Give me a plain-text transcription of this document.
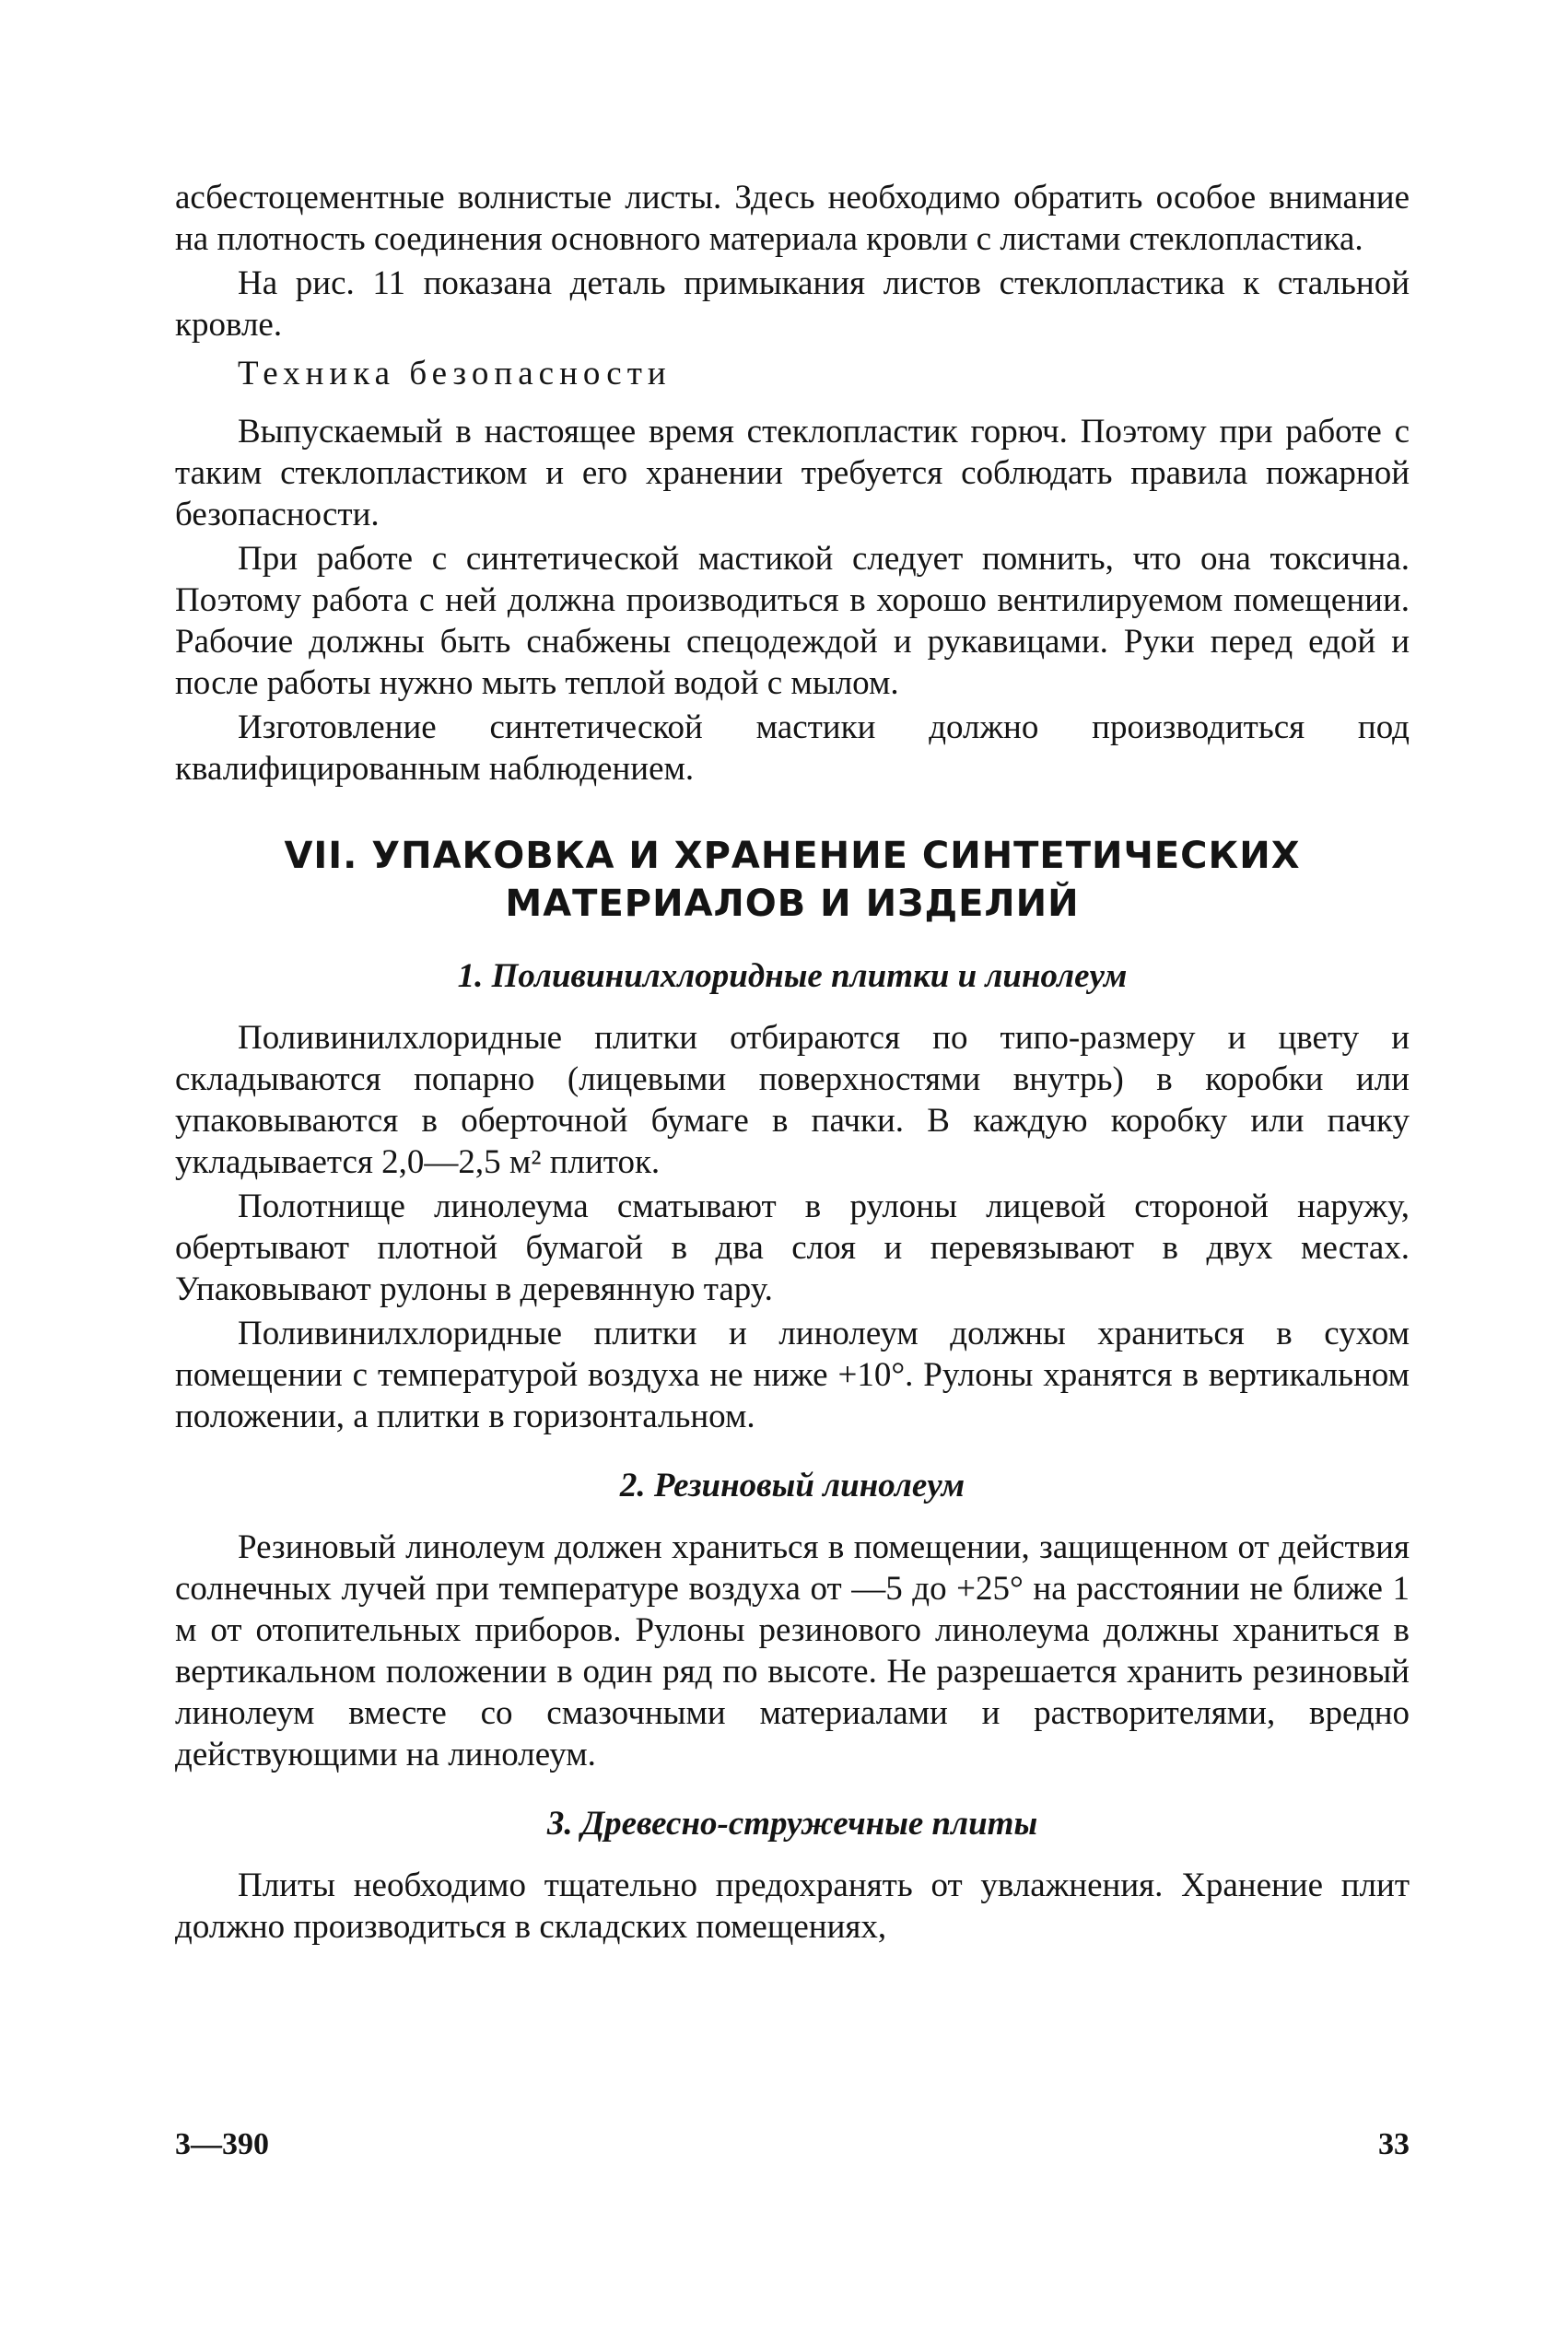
асбестоцементные волнистые листы. Здесь необходимо обратить особое внимание на плотность соединения основного материала кровли с листами стеклопластика.

На рис. 11 показана деталь примыкания листов стеклопластика к стальной кровле.

Техника безопасности

Выпускаемый в настоящее время стеклопластик горюч. Поэтому при работе с таким стеклопластиком и его хранении требуется соблюдать правила пожарной безопасности.

При работе с синтетической мастикой следует помнить, что она токсична. Поэтому работа с ней должна производиться в хорошо вентилируемом помещении. Рабочие должны быть снабжены спецодеждой и рукавицами. Руки перед едой и после работы нужно мыть теплой водой с мылом.

Изготовление синтетической мастики должно производиться под квалифицированным наблюдением.

VII. УПАКОВКА И ХРАНЕНИЕ СИНТЕТИЧЕСКИХ
МАТЕРИАЛОВ И ИЗДЕЛИЙ
1. Поливинилхлоридные плитки и линолеум

Поливинилхлоридные плитки отбираются по типо-размеру и цвету и складываются попарно (лицевыми поверхностями внутрь) в коробки или упаковываются в оберточной бумаге в пачки. В каждую коробку или пачку укладывается 2,0—2,5 м² плиток.

Полотнище линолеума сматывают в рулоны лицевой стороной наружу, обертывают плотной бумагой в два слоя и перевязывают в двух местах. Упаковывают рулоны в деревянную тару.

Поливинилхлоридные плитки и линолеум должны храниться в сухом помещении с температурой воздуха не ниже +10°. Рулоны хранятся в вертикальном положении, а плитки в горизонтальном.

2. Резиновый линолеум

Резиновый линолеум должен храниться в помещении, защищенном от действия солнечных лучей при температуре воздуха от —5 до +25° на расстоянии не ближе 1 м от отопительных приборов. Рулоны резинового линолеума должны храниться в вертикальном положении в один ряд по высоте. Не разрешается хранить резиновый линолеум вместе со смазочными материалами и растворителями, вредно действующими на линолеум.

3. Древесно-стружечные плиты

Плиты необходимо тщательно предохранять от увлажнения. Хранение плит должно производиться в складских помещениях,

3—390	33
